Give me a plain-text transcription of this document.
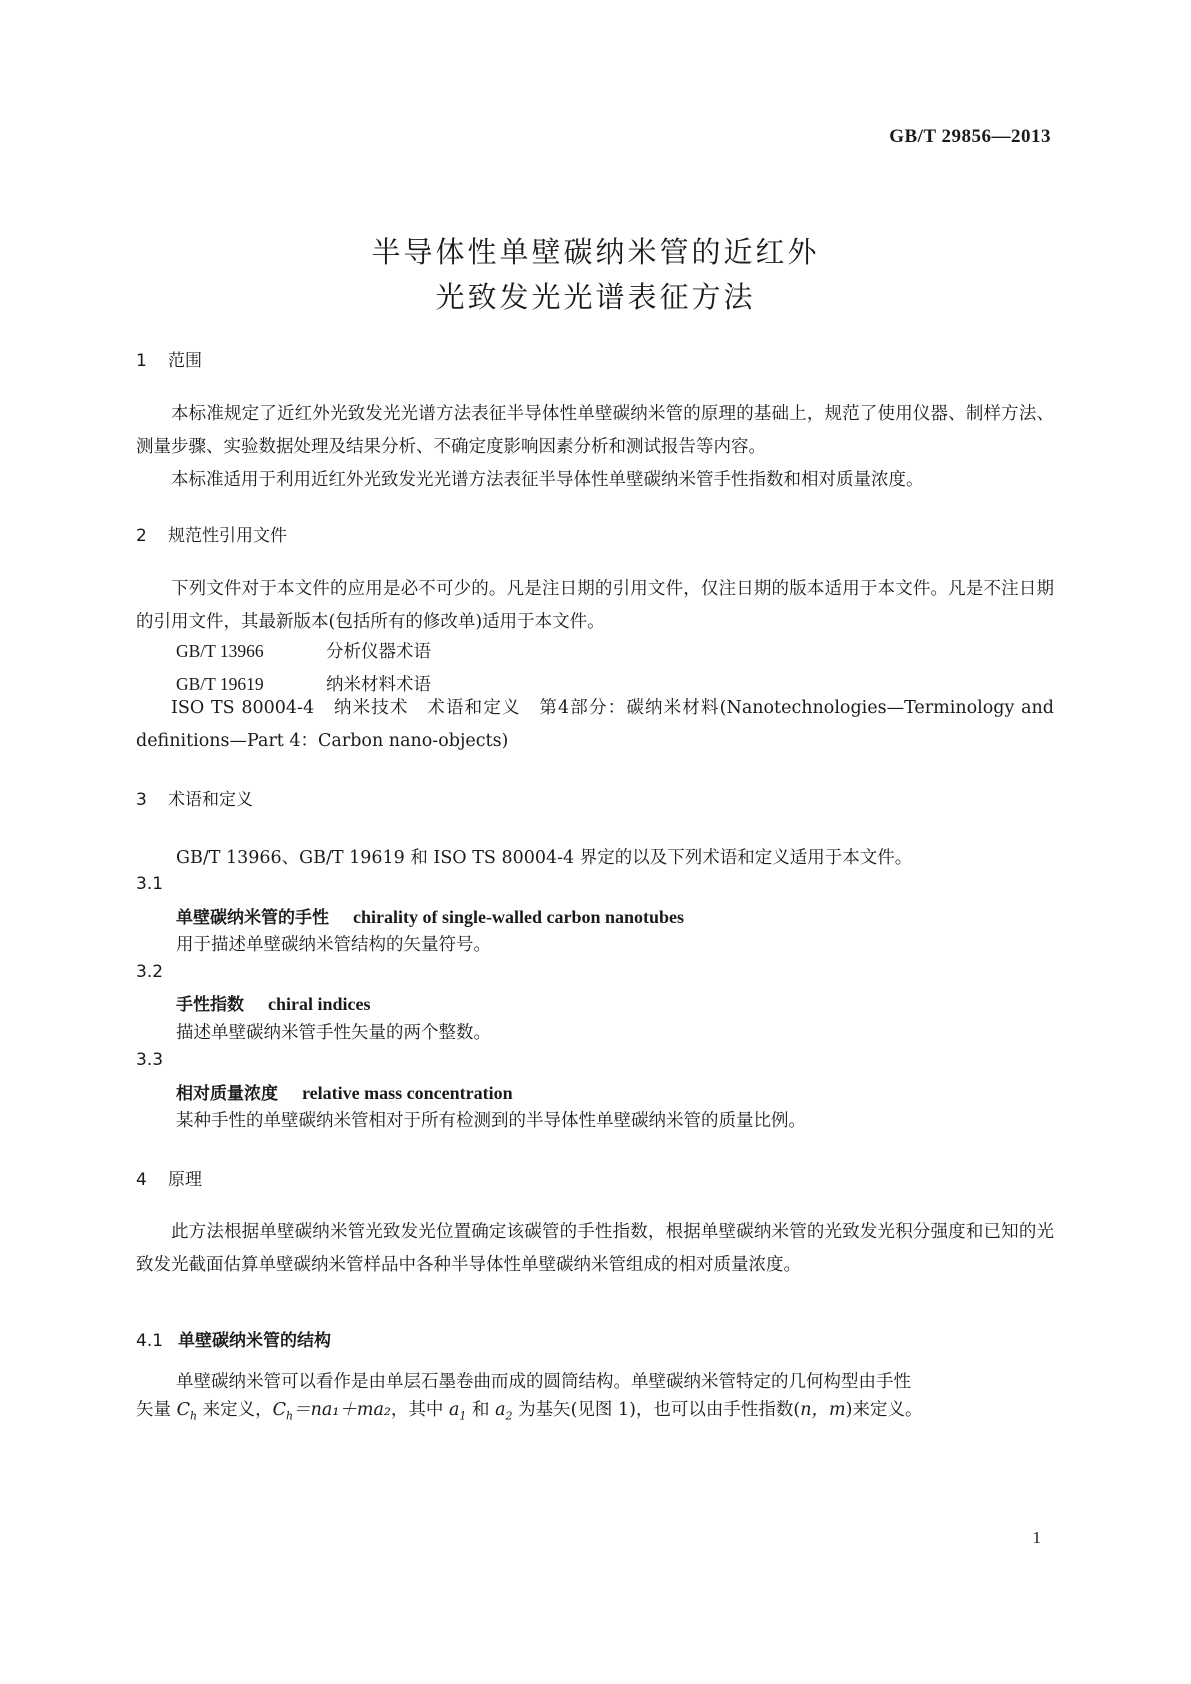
GB/T 29856—2013
半导体性单壁碳纳米管的近红外
光致发光光谱表征方法
1 范围
本标准规定了近红外光致发光光谱方法表征半导体性单壁碳纳米管的原理的基础上，规范了使用仪器、制样方法、测量步骤、实验数据处理及结果分析、不确定度影响因素分析和测试报告等内容。
本标准适用于利用近红外光致发光光谱方法表征半导体性单壁碳纳米管手性指数和相对质量浓度。
2 规范性引用文件
下列文件对于本文件的应用是必不可少的。凡是注日期的引用文件，仅注日期的版本适用于本文件。凡是不注日期的引用文件，其最新版本(包括所有的修改单)适用于本文件。
GB/T 13966	分析仪器术语
GB/T 19619	纳米材料术语
ISO TS 80004-4　纳米技术　术语和定义　第4部分：碳纳米材料(Nanotechnologies—Terminology and definitions—Part 4：Carbon nano-objects)
3 术语和定义
GB/T 13966、GB/T 19619 和 ISO TS 80004-4 界定的以及下列术语和定义适用于本文件。
3.1
单壁碳纳米管的手性 chirality of single-walled carbon nanotubes
用于描述单壁碳纳米管结构的矢量符号。
3.2
手性指数 chiral indices
描述单壁碳纳米管手性矢量的两个整数。
3.3
相对质量浓度 relative mass concentration
某种手性的单壁碳纳米管相对于所有检测到的半导体性单壁碳纳米管的质量比例。
4 原理
此方法根据单壁碳纳米管光致发光位置确定该碳管的手性指数，根据单壁碳纳米管的光致发光积分强度和已知的光致发光截面估算单壁碳纳米管样品中各种半导体性单壁碳纳米管组成的相对质量浓度。
4.1 单壁碳纳米管的结构
单壁碳纳米管可以看作是由单层石墨卷曲而成的圆筒结构。单壁碳纳米管特定的几何构型由手性
矢量 $C_h$ 来定义，$C_h=na_1+ma_2$，其中 $a_1$ 和 $a_2$ 为基矢(见图 1)，也可以由手性指数(n，m)来定义。
1
